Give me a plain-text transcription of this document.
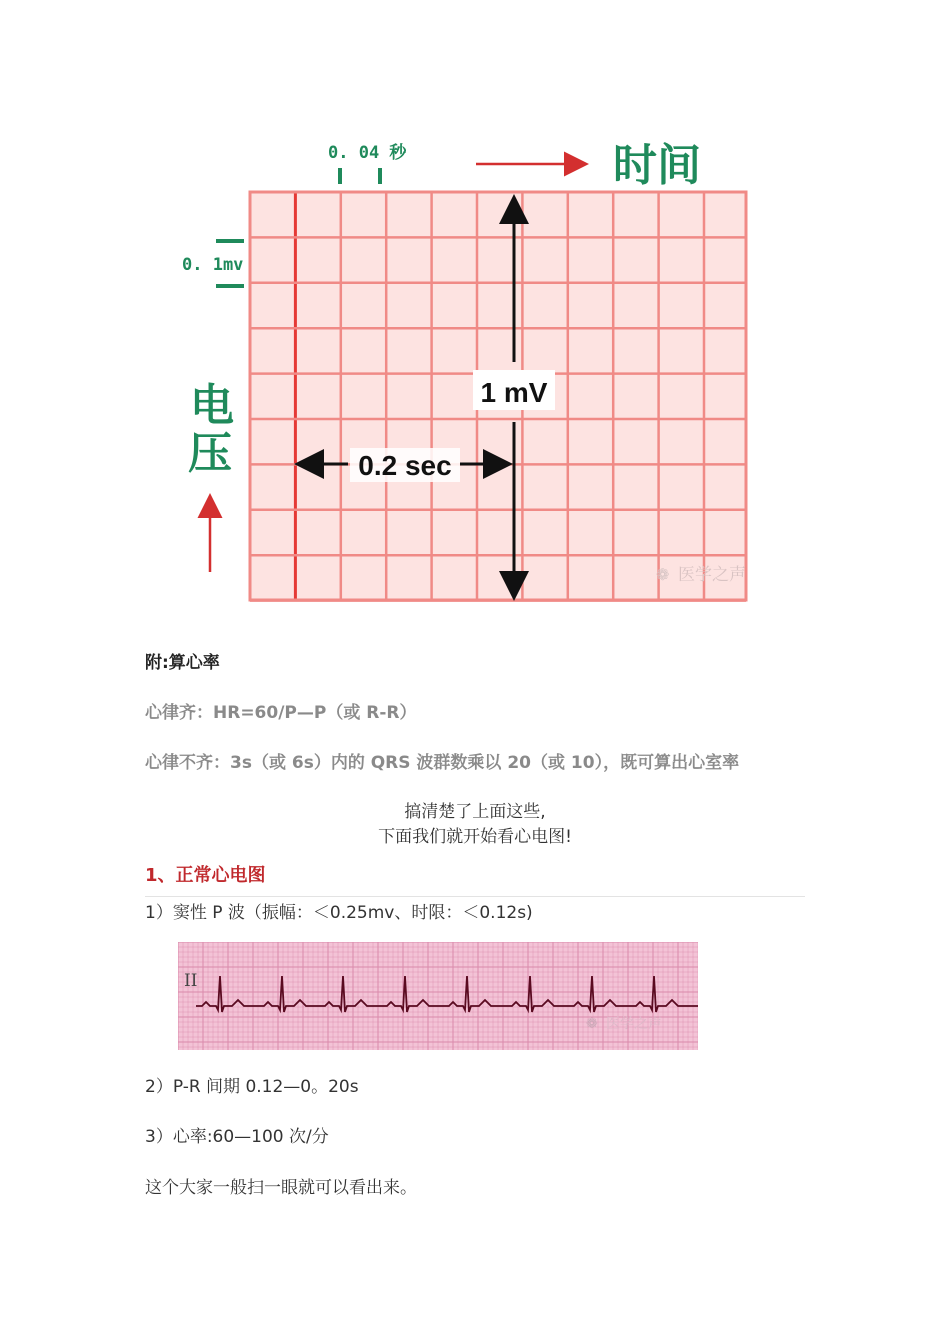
0. 04 秒	时间
0. 1mv
电
压
1 mV
0.2 sec
❁ 医学之声
附:算心率
心律齐：HR=60/P—P（或 R-R）
心律不齐：3s（或 6s）内的 QRS 波群数乘以 20（或 10），既可算出心室率
搞清楚了上面这些,
下面我们就开始看心电图!
1、正常心电图
1）窦性 P 波（振幅：＜0.25mv、时限：＜0.12s)
II
❁ 医学之声
2）P-R 间期 0.12—0。20s
3）心率:60—100 次/分
这个大家一般扫一眼就可以看出来。
